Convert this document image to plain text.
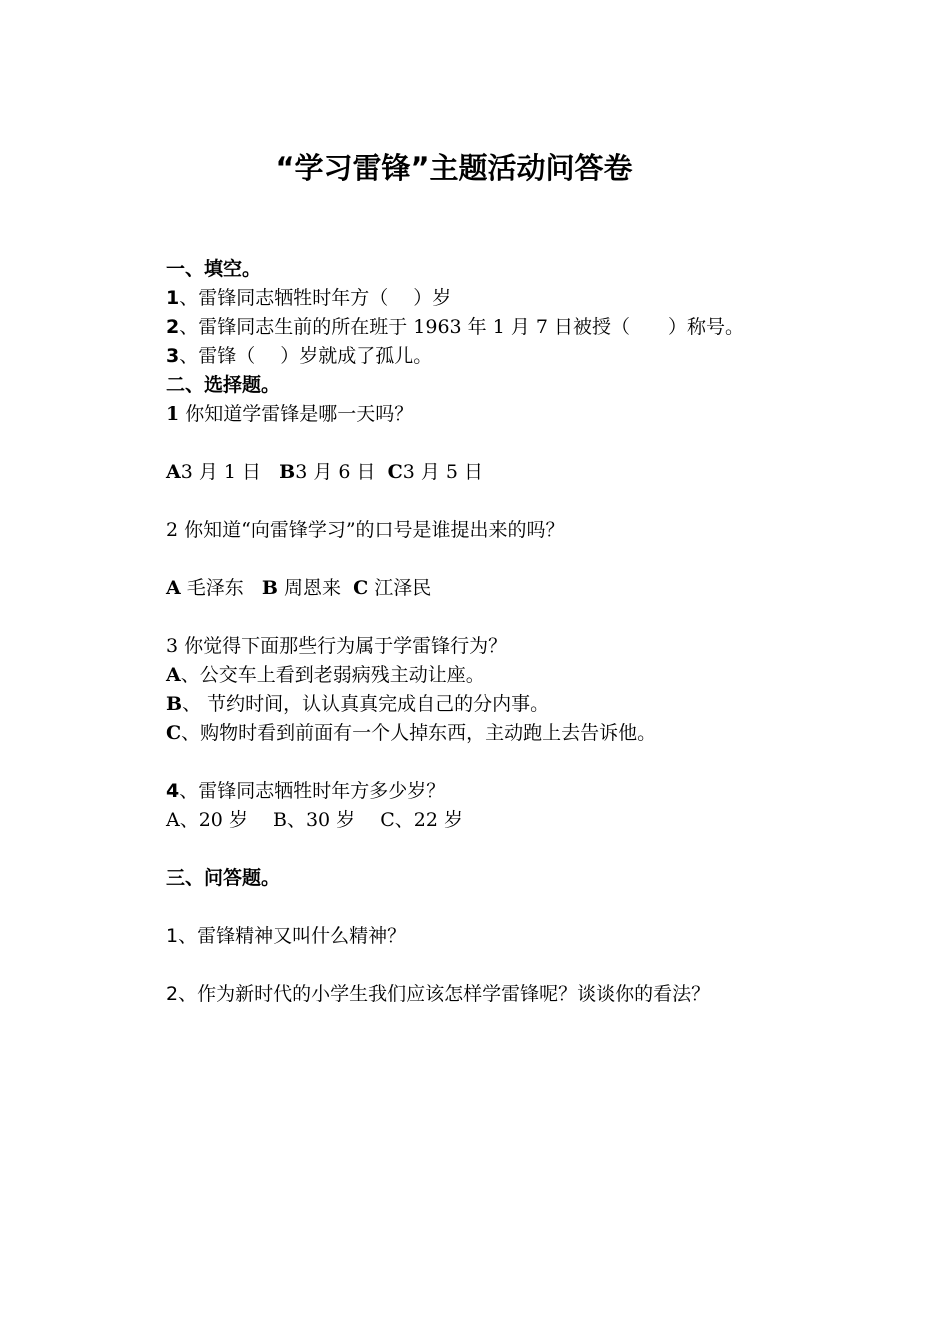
“学习雷锋”主题活动问答卷
一、填空。
1、雷锋同志牺牲时年方（　 ）岁
2、雷锋同志生前的所在班于 1963 年 1 月 7 日被授（　　）称号。
3、雷锋（　 ）岁就成了孤儿。
二、选择题。
1 你知道学雷锋是哪一天吗？
A3 月 1 日 B3 月 6 日 C3 月 5 日
2 你知道“向雷锋学习”的口号是谁提出来的吗？
A 毛泽东 B 周恩来 C 江泽民
3 你觉得下面那些行为属于学雷锋行为？
A、公交车上看到老弱病残主动让座。
B、 节约时间，认认真真完成自己的分内事。
C、购物时看到前面有一个人掉东西，主动跑上去告诉他。
4、雷锋同志牺牲时年方多少岁？
A、20 岁　 B、30 岁　 C、22 岁
三、问答题。
1、雷锋精神又叫什么精神？
2、作为新时代的小学生我们应该怎样学雷锋呢？谈谈你的看法？
